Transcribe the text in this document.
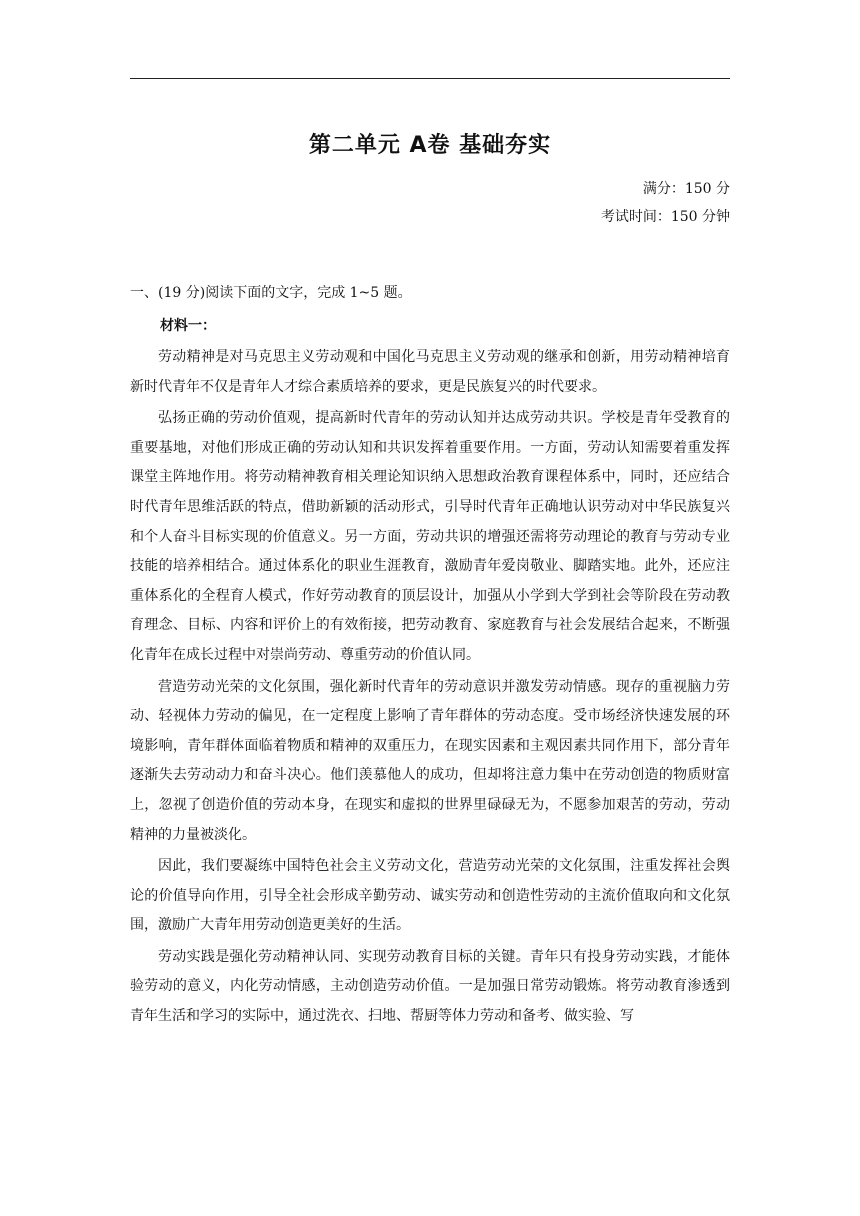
第二单元 A卷 基础夯实
满分：150 分
考试时间：150 分钟
一、(19 分)阅读下面的文字，完成 1~5 题。
材料一：

劳动精神是对马克思主义劳动观和中国化马克思主义劳动观的继承和创新，用劳动精神培育新时代青年不仅是青年人才综合素质培养的要求，更是民族复兴的时代要求。

弘扬正确的劳动价值观，提高新时代青年的劳动认知并达成劳动共识。学校是青年受教育的重要基地，对他们形成正确的劳动认知和共识发挥着重要作用。一方面，劳动认知需要着重发挥课堂主阵地作用。将劳动精神教育相关理论知识纳入思想政治教育课程体系中，同时，还应结合时代青年思维活跃的特点，借助新颖的活动形式，引导时代青年正确地认识劳动对中华民族复兴和个人奋斗目标实现的价值意义。另一方面，劳动共识的增强还需将劳动理论的教育与劳动专业技能的培养相结合。通过体系化的职业生涯教育，激励青年爱岗敬业、脚踏实地。此外，还应注重体系化的全程育人模式，作好劳动教育的顶层设计，加强从小学到大学到社会等阶段在劳动教育理念、目标、内容和评价上的有效衔接，把劳动教育、家庭教育与社会发展结合起来，不断强化青年在成长过程中对崇尚劳动、尊重劳动的价值认同。

营造劳动光荣的文化氛围，强化新时代青年的劳动意识并激发劳动情感。现存的重视脑力劳动、轻视体力劳动的偏见，在一定程度上影响了青年群体的劳动态度。受市场经济快速发展的环境影响，青年群体面临着物质和精神的双重压力，在现实因素和主观因素共同作用下，部分青年逐渐失去劳动动力和奋斗决心。他们羡慕他人的成功，但却将注意力集中在劳动创造的物质财富上，忽视了创造价值的劳动本身，在现实和虚拟的世界里碌碌无为，不愿参加艰苦的劳动，劳动精神的力量被淡化。

因此，我们要凝练中国特色社会主义劳动文化，营造劳动光荣的文化氛围，注重发挥社会舆论的价值导向作用，引导全社会形成辛勤劳动、诚实劳动和创造性劳动的主流价值取向和文化氛围，激励广大青年用劳动创造更美好的生活。

劳动实践是强化劳动精神认同、实现劳动教育目标的关键。青年只有投身劳动实践，才能体验劳动的意义，内化劳动情感，主动创造劳动价值。一是加强日常劳动锻炼。将劳动教育渗透到青年生活和学习的实际中，通过洗衣、扫地、帮厨等体力劳动和备考、做实验、写
